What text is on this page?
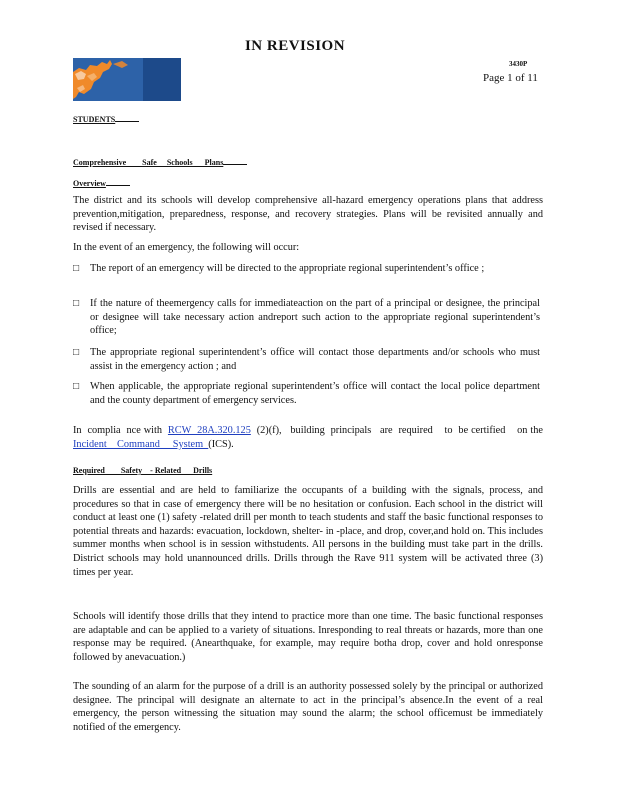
IN REVISION
3430P
Page 1 of 11
STUDENTS
Comprehensive        Safe     Schools      Plans
Overview
The district and its schools will develop comprehensive all-hazard emergency operations plans that address prevention,mitigation, preparedness, response, and recovery strategies. Plans will be revisited annually and revised if necessary.
In the event of an emergency, the following will occur:
□ The report of an emergency will be directed to the appropriate regional superintendent’s office ;
□ If the nature of theemergency calls for immediateaction on the part of a principal or designee, the principal or designee will take necessary action andreport such action to the appropriate regional superintendent’s office;
□ The appropriate regional superintendent’s office will contact those departments and/or schools who must assist in the emergency action ; and
□ When applicable, the appropriate regional superintendent’s office will contact the local police department and the county department of emergency services.
In  complia  nce with  RCW  28A.320.125  (2)(f),   building  principals   are  required    to  be certified    on the  Incident    Command     System  (ICS).
Required        Safety    - Related      Drills
Drills are essential and are held to familiarize the occupants of a building with the signals, process, and procedures so that in case of emergency there will be no hesitation or confusion. Each school in the district will conduct at least one (1) safety -related drill per month to teach students and staff the basic functional responses to potential threats and hazards: evacuation, lockdown, shelter- in -place, and drop, cover,and hold on. This includes summer months when school is in session withstudents. All persons in the building must take part in the drills. District schools may hold unannounced drills. Drills through the Rave 911 system will be activated three (3) times per year.
Schools will identify those drills that they intend to practice more than one time. The basic functional responses are adaptable and can be applied to a variety of situations. Inresponding to real threats or hazards, more than one response may be required. (Anearthquake, for example, may require botha drop, cover and hold onresponse followed by anevacuation.)
The sounding of an alarm for the purpose of a drill is an authority possessed solely by the principal or authorized designee. The principal will designate an alternate to act in the principal’s absence.In the event of a real emergency, the person witnessing the situation may sound the alarm; the school officemust be immediately notified of the emergency.
